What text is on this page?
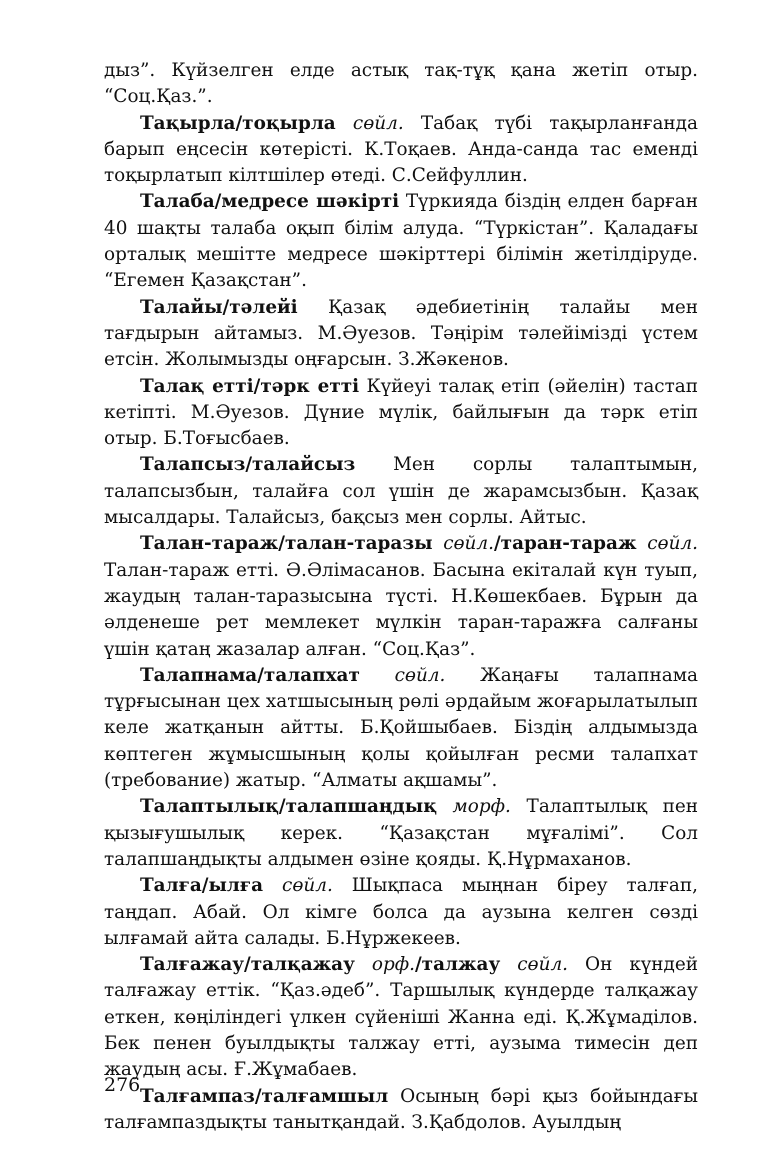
дыз”. Күйзелген елде астық тақ-тұқ қана жетіп отыр. “Соц.Қаз.”.

Тақырла/тоқырла сөйл. Табақ түбі тақырланғанда барып еңсесін көтерісті. К.Тоқаев. Анда-санда тас емендi тоқырлатып кілтшілер өтеді. С.Сейфуллин.

Талаба/медресе шәкірті Түркияда біздің елден барған 40 шақты талаба оқып білім алуда. “Түркістан”. Қаладағы орталық мешітте медресе шәкірттері білімін жетілдіруде. “Егемен Қазақстан”.

Талайы/тәлейі Қазақ әдебиетінің талайы мен тағдырын айтамыз. М.Әуезов. Тәңірім тәлейімізді үстем етсін. Жолымызды оңғарсын. З.Жәкенов.

Талақ етті/тәрк етті Күйеуі талақ етіп (әйелін) тастап кетіпті. М.Әуезов. Дүние мүлік, байлығын да тәрк етіп отыр. Б.Тоғысбаев.

Талапсыз/талайсыз Мен сорлы талаптымын, талапсызбын, талайға сол үшін де жарамсызбын. Қазақ мысалдары. Талайсыз, бақсыз мен сорлы. Айтыс.

Талан-тараж/талан-таразы сөйл./таран-тараж сөйл. Талан-тараж етті. Ә.Әлімасанов. Басына екіталай күн туып, жаудың талан-таразысына түсті. Н.Көшекбаев. Бұрын да әлденеше рет мемлекет мүлкін таран-таражға салғаны үшін қатаң жазалар алған. “Соц.Қаз”.

Талапнама/талапхат сөйл. Жаңағы талапнама тұрғысынан цех хатшысының рөлі әрдайым жоғарылатылып келе жатқанын айтты. Б.Қойшыбаев. Біздің алдымызда көптеген жұмысшының қолы қойылған ресми талапхат (требование) жатыр. “Алматы ақшамы”.

Талаптылық/талапшаңдық морф. Талаптылық пен қызығушылық керек. “Қазақстан мұғалімі”. Сол талапшаңдықты алдымен өзіне қояды. Қ.Нұрмаханов.

Талға/ылға сөйл. Шықпаса мыңнан біреу талғап, таңдап. Абай. Ол кімге болса да аузына келген сөзді ылғамай айта салады. Б.Нұржекеев.

Талғажау/талқажау орф./талжау сөйл. Он күндей талғажау еттік. “Қаз.әдеб”. Таршылық күндерде талқажау еткен, көңіліндегі үлкен сүйеніші Жанна еді. Қ.Жұмаділов. Бек пенен буылдықты талжау етті, аузыма тимесін деп жаудың асы. Ғ.Жұмабаев.

Талғампаз/талғамшыл Осының бәрі қыз бойындағы талғампаздықты танытқандай. З.Қабдолов. Ауылдың

276
